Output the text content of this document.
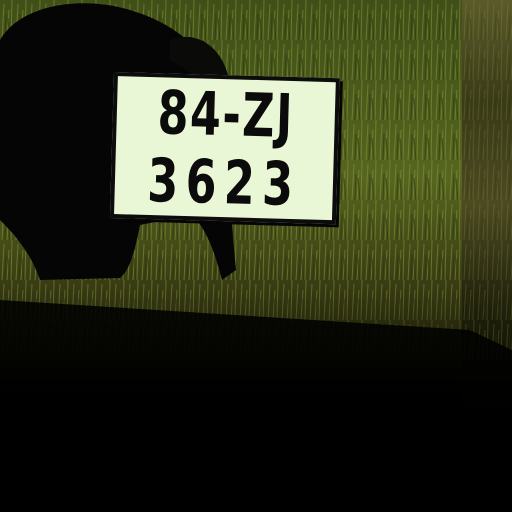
84-ZJ
3623
